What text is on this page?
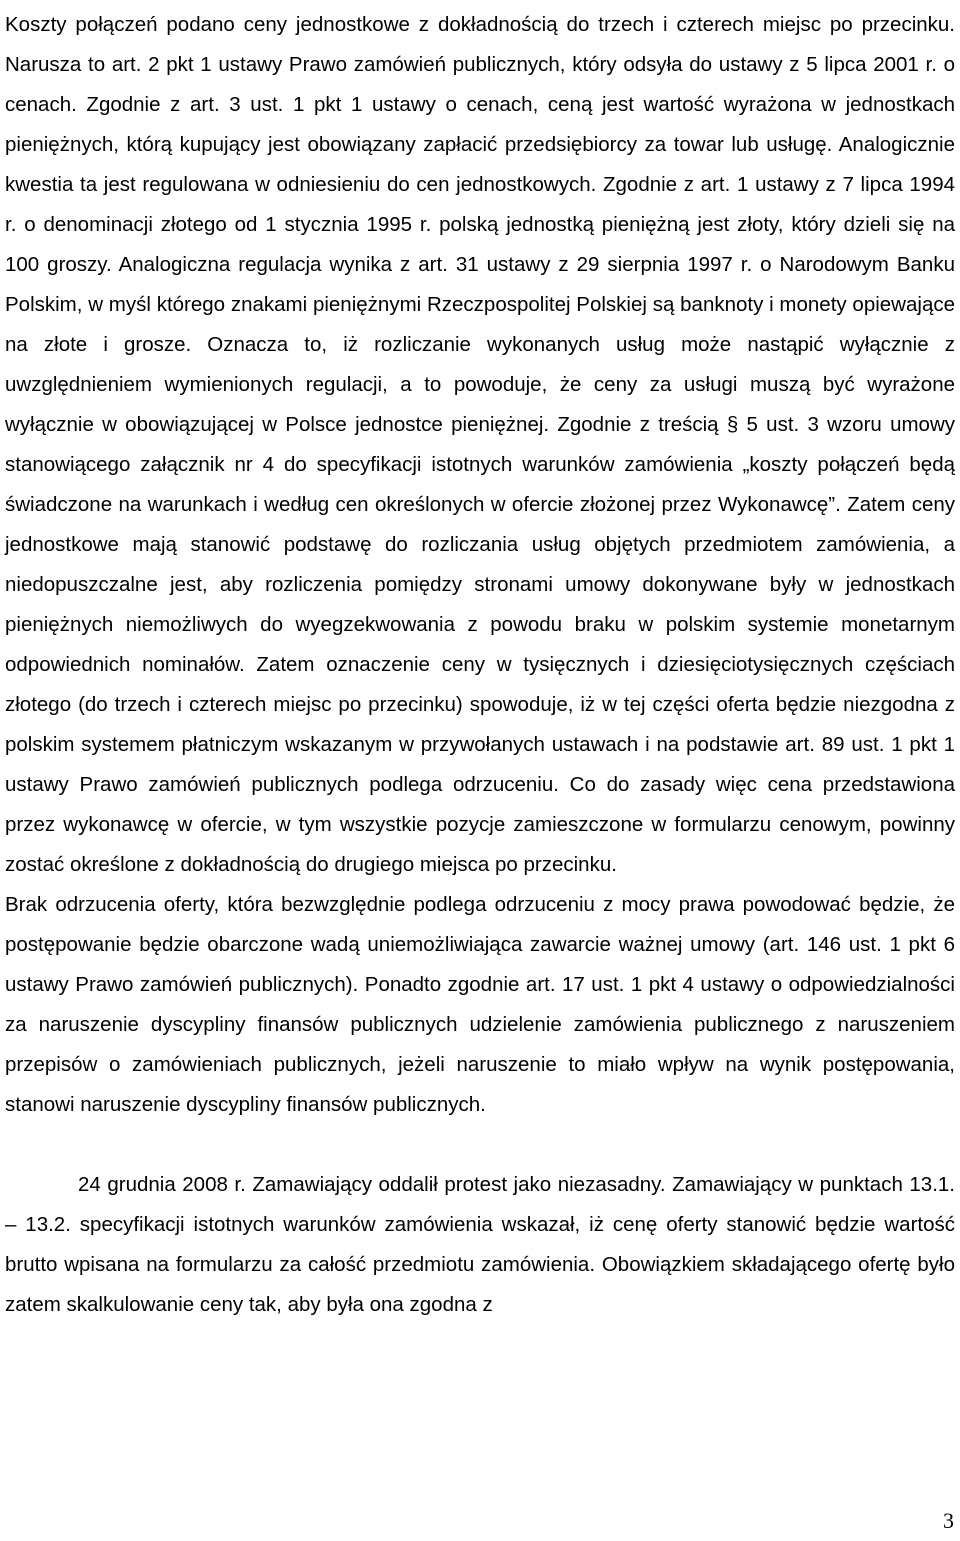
Koszty połączeń podano ceny jednostkowe z dokładnością do trzech i czterech miejsc po przecinku. Narusza to art. 2 pkt 1 ustawy Prawo zamówień publicznych, który odsyła do ustawy z 5 lipca 2001 r. o cenach. Zgodnie z art. 3 ust. 1 pkt 1 ustawy o cenach, ceną jest wartość wyrażona w jednostkach pieniężnych, którą kupujący jest obowiązany zapłacić przedsiębiorcy za towar lub usługę. Analogicznie kwestia ta jest regulowana w odniesieniu do cen jednostkowych. Zgodnie z art. 1 ustawy z 7 lipca 1994 r. o denominacji złotego od 1 stycznia 1995 r. polską jednostką pieniężną jest złoty, który dzieli się na 100 groszy. Analogiczna regulacja wynika z art. 31 ustawy z 29 sierpnia 1997 r. o Narodowym Banku Polskim, w myśl którego znakami pieniężnymi Rzeczpospolitej Polskiej są banknoty i monety opiewające na złote i grosze. Oznacza to, iż rozliczanie wykonanych usług może nastąpić wyłącznie z uwzględnieniem wymienionych regulacji, a to powoduje, że ceny za usługi muszą być wyrażone wyłącznie w obowiązującej w Polsce jednostce pieniężnej. Zgodnie z treścią § 5 ust. 3 wzoru umowy stanowiącego załącznik nr 4 do specyfikacji istotnych warunków zamówienia „koszty połączeń będą świadczone na warunkach i według cen określonych w ofercie złożonej przez Wykonawcę”. Zatem ceny jednostkowe mają stanowić podstawę do rozliczania usług objętych przedmiotem zamówienia, a niedopuszczalne jest, aby rozliczenia pomiędzy stronami umowy dokonywane były w jednostkach pieniężnych niemożliwych do wyegzekwowania z powodu braku w polskim systemie monetarnym odpowiednich nominałów. Zatem oznaczenie ceny w tysięcznych i dziesięciotysięcznych częściach złotego (do trzech i czterech miejsc po przecinku) spowoduje, iż w tej części oferta będzie niezgodna z polskim systemem płatniczym wskazanym w przywołanych ustawach i na podstawie art. 89 ust. 1 pkt 1 ustawy Prawo zamówień publicznych podlega odrzuceniu. Co do zasady więc cena przedstawiona przez wykonawcę w ofercie, w tym wszystkie pozycje zamieszczone w formularzu cenowym, powinny zostać określone z dokładnością do drugiego miejsca po przecinku.

Brak odrzucenia oferty, która bezwzględnie podlega odrzuceniu z mocy prawa powodować będzie, że postępowanie będzie obarczone wadą uniemożliwiająca zawarcie ważnej umowy (art. 146 ust. 1 pkt 6 ustawy Prawo zamówień publicznych). Ponadto zgodnie art. 17 ust. 1 pkt 4 ustawy o odpowiedzialności za naruszenie dyscypliny finansów publicznych udzielenie zamówienia publicznego z naruszeniem przepisów o zamówieniach publicznych, jeżeli naruszenie to miało wpływ na wynik postępowania, stanowi naruszenie dyscypliny finansów publicznych.

24 grudnia 2008 r. Zamawiający oddalił protest jako niezasadny. Zamawiający w punktach 13.1. – 13.2. specyfikacji istotnych warunków zamówienia wskazał, iż cenę oferty stanowić będzie wartość brutto wpisana na formularzu za całość przedmiotu zamówienia. Obowiązkiem składającego ofertę było zatem skalkulowanie ceny tak, aby była ona zgodna z

3
